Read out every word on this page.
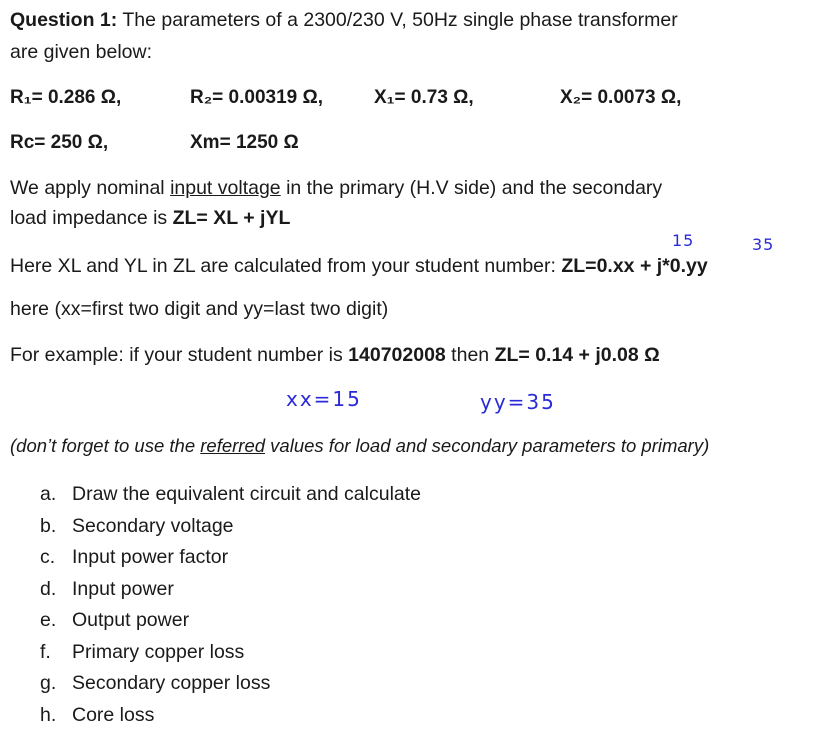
Question 1: The parameters of a 2300/230 V, 50Hz single phase transformer
are given below:
R₁= 0.286 Ω,	R₂= 0.00319 Ω,	X₁= 0.73 Ω,	X₂= 0.0073 Ω,
Rc= 250 Ω,	Xm= 1250 Ω
We apply nominal input voltage in the primary (H.V side) and the secondary
load impedance is ZL= XL + jYL
15	35
Here XL and YL in ZL are calculated from your student number: ZL=0.xx + j*0.yy
here (xx=first two digit and yy=last two digit)
For example: if your student number is 140702008 then ZL= 0.14 + j0.08 Ω
xx=15	yy=35
(don’t forget to use the referred values for load and secondary parameters to primary)
a. Draw the equivalent circuit and calculate
b. Secondary voltage
c. Input power factor
d. Input power
e. Output power
f. Primary copper loss
g. Secondary copper loss
h. Core loss
